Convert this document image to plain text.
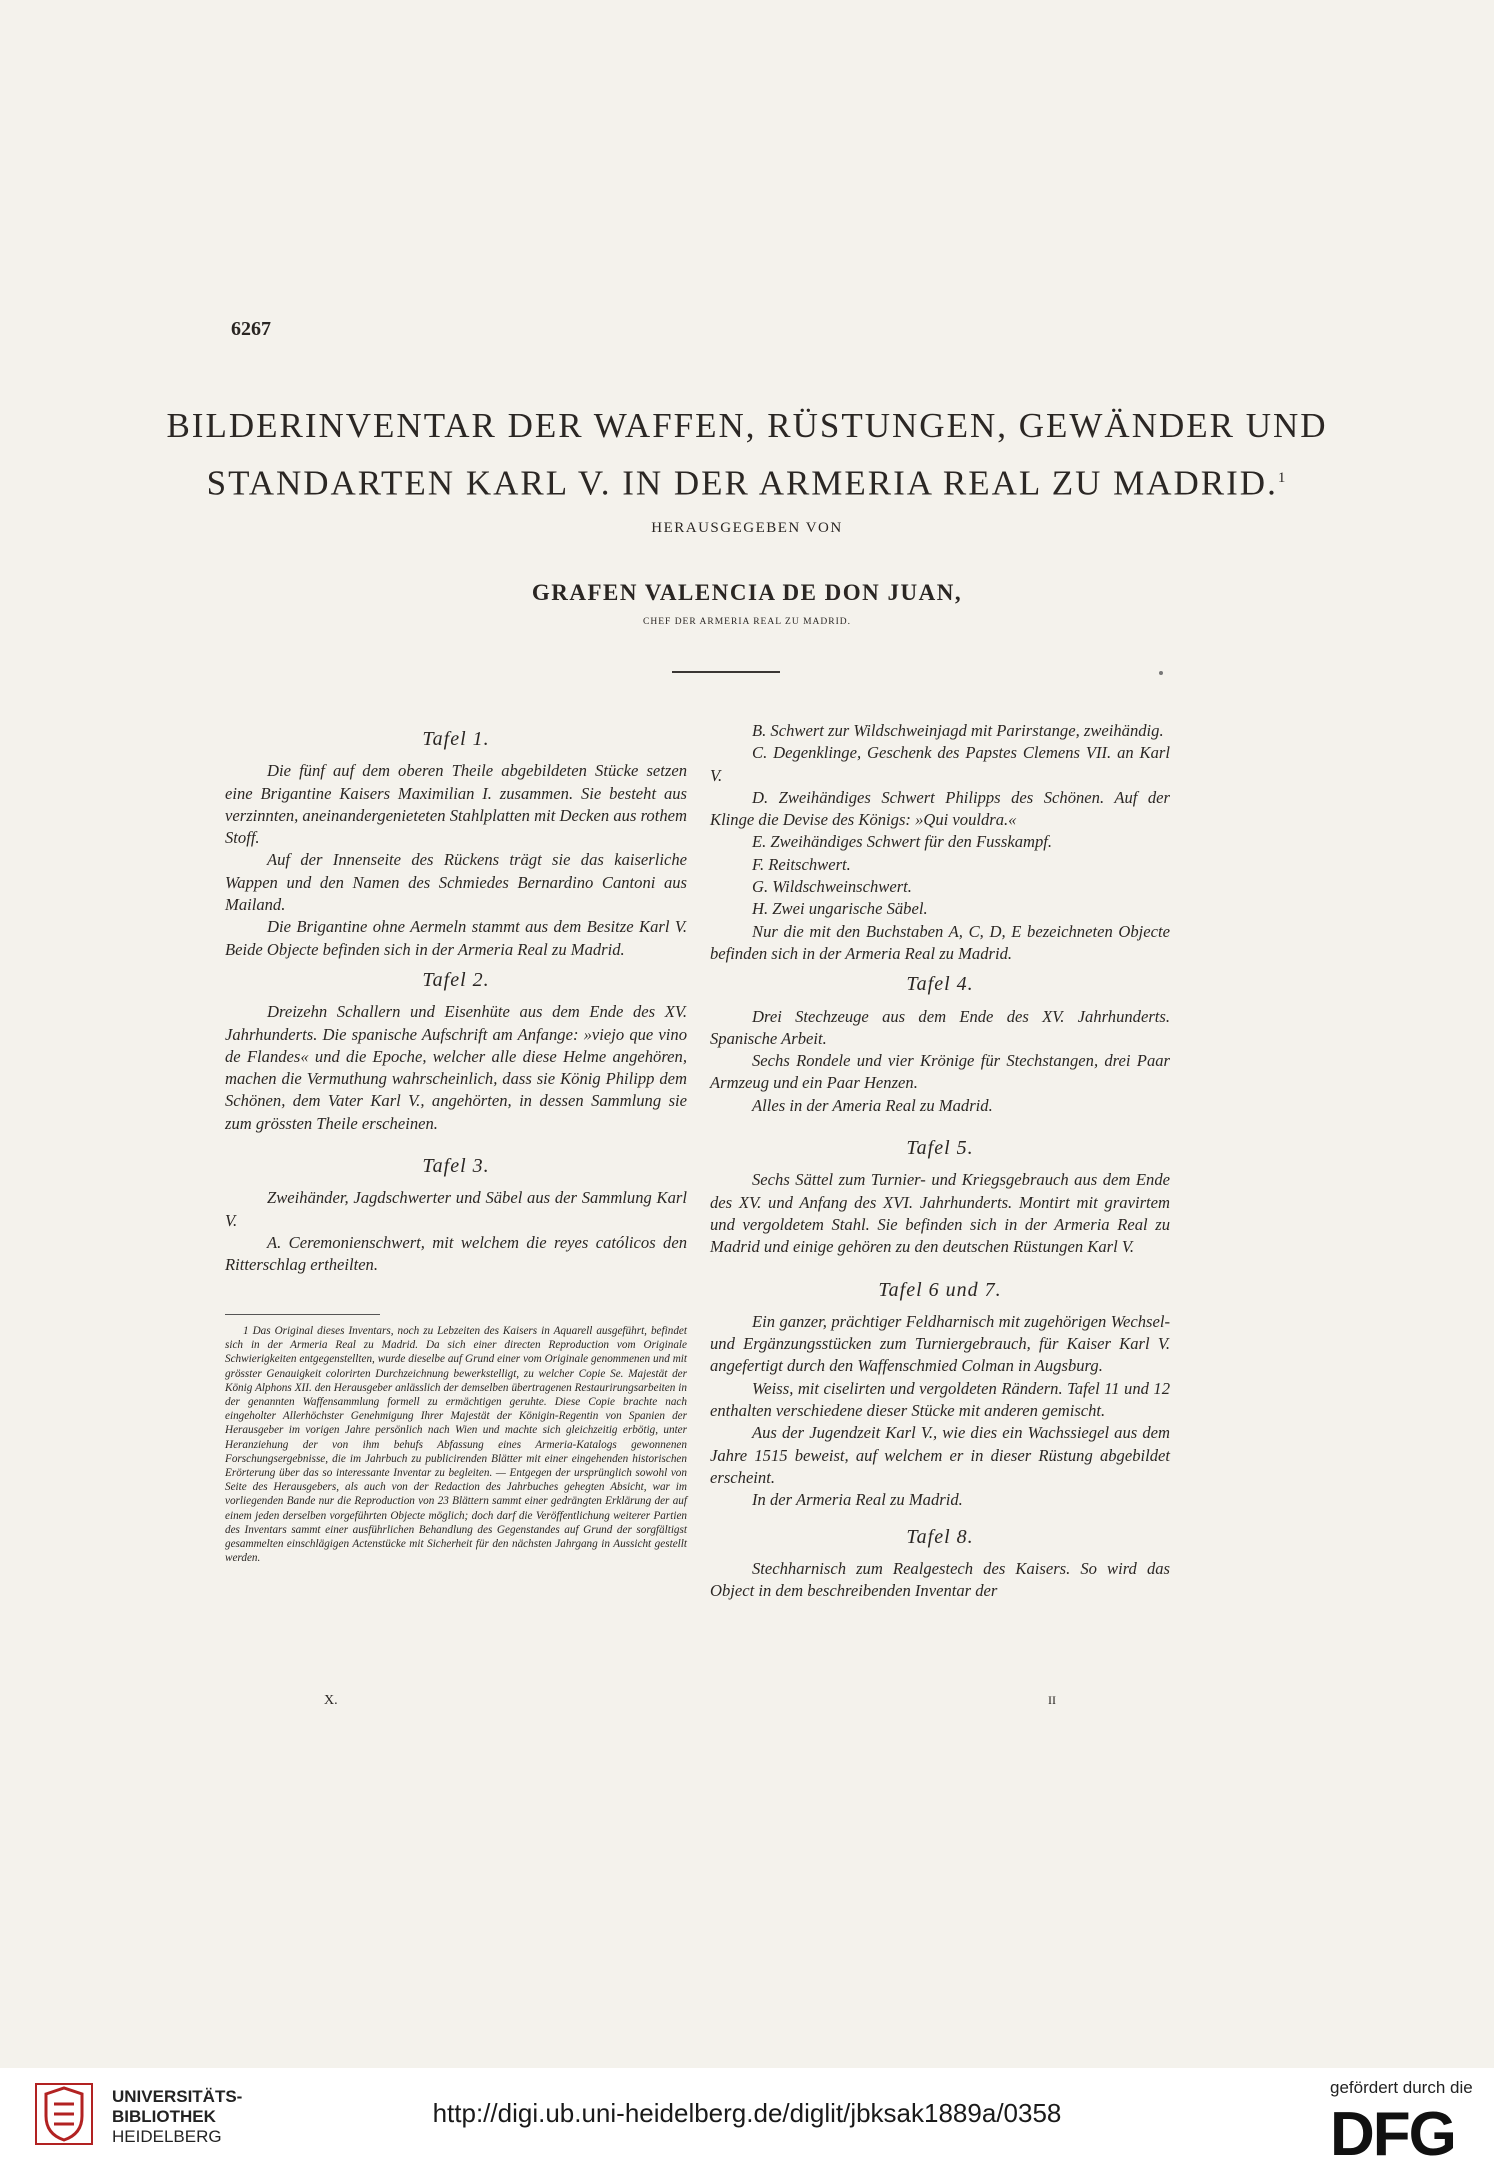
6267
BILDERINVENTAR DER WAFFEN, RÜSTUNGEN, GEWÄNDER UND
STANDARTEN KARL V. IN DER ARMERIA REAL ZU MADRID.$^1$
HERAUSGEGEBEN VON
GRAFEN VALENCIA DE DON JUAN,
CHEF DER ARMERIA REAL ZU MADRID.
Tafel 1.

Die fünf auf dem oberen Theile abgebildeten Stücke setzen eine Brigantine Kaisers Maximilian I. zusammen. Sie besteht aus verzinnten, aneinandergenieteten Stahlplatten mit Decken aus rothem Stoff.

Auf der Innenseite des Rückens trägt sie das kaiserliche Wappen und den Namen des Schmiedes Bernardino Cantoni aus Mailand.

Die Brigantine ohne Aermeln stammt aus dem Besitze Karl V. Beide Objecte befinden sich in der Armeria Real zu Madrid.

Tafel 2.

Dreizehn Schallern und Eisenhüte aus dem Ende des XV. Jahrhunderts. Die spanische Aufschrift am Anfange: »viejo que vino de Flandes« und die Epoche, welcher alle diese Helme angehören, machen die Vermuthung wahrscheinlich, dass sie König Philipp dem Schönen, dem Vater Karl V., angehörten, in dessen Sammlung sie zum grössten Theile erscheinen.

Tafel 3.

Zweihänder, Jagdschwerter und Säbel aus der Sammlung Karl V.

A. Ceremonienschwert, mit welchem die reyes católicos den Ritterschlag ertheilten.

1 Das Original dieses Inventars, noch zu Lebzeiten des Kaisers in Aquarell ausgeführt, befindet sich in der Armeria Real zu Madrid. Da sich einer directen Reproduction vom Originale Schwierigkeiten entgegenstellten, wurde dieselbe auf Grund einer vom Originale genommenen und mit grösster Genauigkeit colorirten Durchzeichnung bewerkstelligt, zu welcher Copie Se. Majestät der König Alphons XII. den Herausgeber anlässlich der demselben übertragenen Restaurirungsarbeiten in der genannten Waffensammlung formell zu ermächtigen geruhte. Diese Copie brachte nach eingeholter Allerhöchster Genehmigung Ihrer Majestät der Königin-Regentin von Spanien der Herausgeber im vorigen Jahre persönlich nach Wien und machte sich gleichzeitig erbötig, unter Heranziehung der von ihm behufs Abfassung eines Armeria-Katalogs gewonnenen Forschungsergebnisse, die im Jahrbuch zu publicirenden Blätter mit einer eingehenden historischen Erörterung über das so interessante Inventar zu begleiten. — Entgegen der ursprünglich sowohl von Seite des Herausgebers, als auch von der Redaction des Jahrbuches gehegten Absicht, war im vorliegenden Bande nur die Reproduction von 23 Blättern sammt einer gedrängten Erklärung der auf einem jeden derselben vorgeführten Objecte möglich; doch darf die Veröffentlichung weiterer Partien des Inventars sammt einer ausführlichen Behandlung des Gegenstandes auf Grund der sorgfältigst gesammelten einschlägigen Actenstücke mit Sicherheit für den nächsten Jahrgang in Aussicht gestellt werden.

X.	II

B. Schwert zur Wildschweinjagd mit Parirstange, zweihändig.

C. Degenklinge, Geschenk des Papstes Clemens VII. an Karl V.

D. Zweihändiges Schwert Philipps des Schönen. Auf der Klinge die Devise des Königs: »Qui vouldra.«

E. Zweihändiges Schwert für den Fusskampf.

F. Reitschwert.

G. Wildschweinschwert.

H. Zwei ungarische Säbel.

Nur die mit den Buchstaben A, C, D, E bezeichneten Objecte befinden sich in der Armeria Real zu Madrid.

Tafel 4.

Drei Stechzeuge aus dem Ende des XV. Jahrhunderts. Spanische Arbeit.

Sechs Rondele und vier Krönige für Stechstangen, drei Paar Armzeug und ein Paar Henzen.

Alles in der Ameria Real zu Madrid.

Tafel 5.

Sechs Sättel zum Turnier- und Kriegsgebrauch aus dem Ende des XV. und Anfang des XVI. Jahrhunderts. Montirt mit gravirtem und vergoldetem Stahl. Sie befinden sich in der Armeria Real zu Madrid und einige gehören zu den deutschen Rüstungen Karl V.

Tafel 6 und 7.

Ein ganzer, prächtiger Feldharnisch mit zugehörigen Wechsel- und Ergänzungsstücken zum Turniergebrauch, für Kaiser Karl V. angefertigt durch den Waffenschmied Colman in Augsburg.

Weiss, mit ciselirten und vergoldeten Rändern. Tafel 11 und 12 enthalten verschiedene dieser Stücke mit anderen gemischt.

Aus der Jugendzeit Karl V., wie dies ein Wachssiegel aus dem Jahre 1515 beweist, auf welchem er in dieser Rüstung abgebildet erscheint.

In der Armeria Real zu Madrid.

Tafel 8.

Stechharnisch zum Realgestech des Kaisers. So wird das Object in dem beschreibenden Inventar der

UNIVERSITÄTS-
BIBLIOTHEK
HEIDELBERG
http://digi.ub.uni-heidelberg.de/diglit/jbksak1889a/0358
gefördert durch die
DFG
